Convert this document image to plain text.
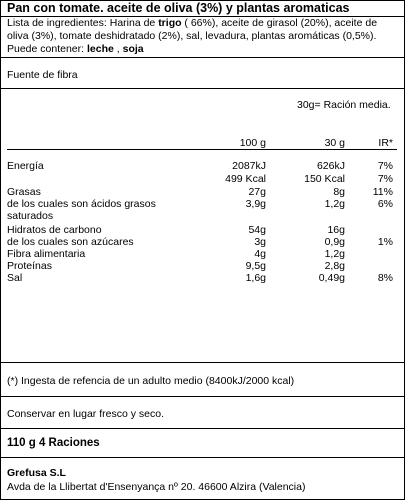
Pan con tomate. aceite de oliva (3%) y plantas aromaticas
Lista de ingredientes: Harina de trigo ( 66%), aceite de girasol (20%), aceite de
oliva (3%), tomate deshidratado (2%), sal, levadura, plantas aromáticas (0,5%).
Puede contener: leche , soja
Fuente de fibra
30g= Ración media.
100 g	30 g	IR*
Energía	2087kJ	626kJ	7%
499 Kcal	150 Kcal	7%
Grasas	27g	8g	11%
de los cuales son ácidos grasos	3,9g	1,2g	6%
saturados
Hidratos de carbono	54g	16g
de los cuales son azúcares	3g	0,9g	1%
Fibra alimentaria	4g	1,2g
Proteínas	9,5g	2,8g
Sal	1,6g	0,49g	8%
(*) Ingesta de refencia de un adulto medio (8400kJ/2000 kcal)
Conservar en lugar fresco y seco.
110 g 4 Raciones
Grefusa S.L
Avda de la Llibertat d'Ensenyança nº 20. 46600 Alzira (Valencia)
